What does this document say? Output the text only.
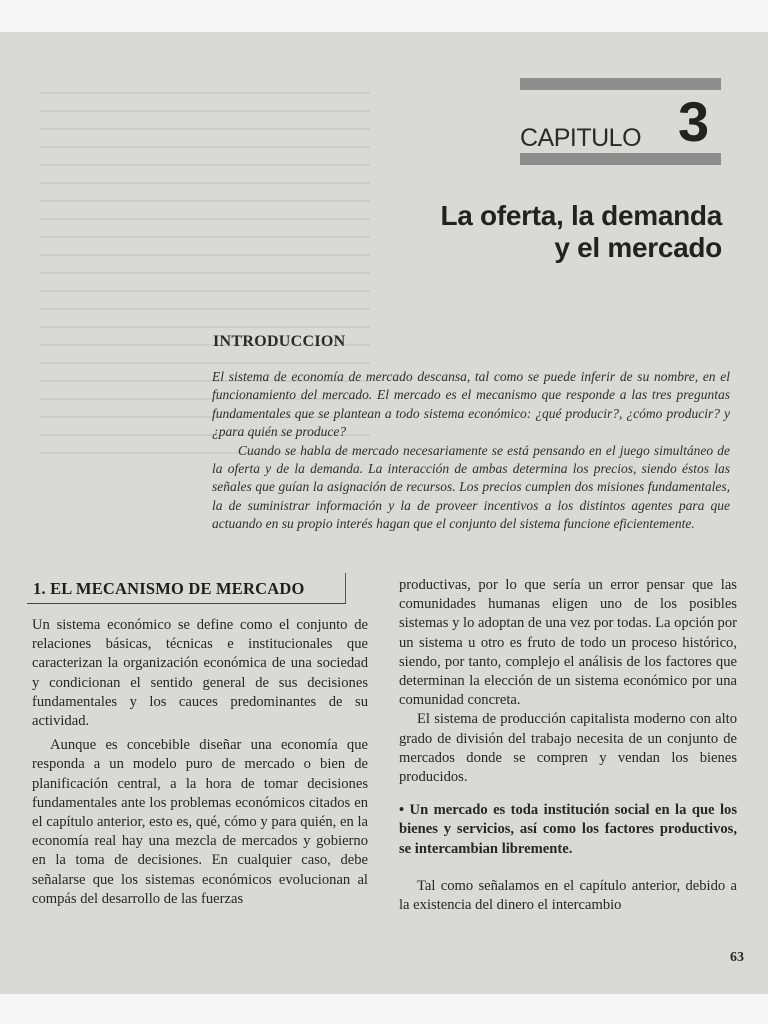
CAPITULO 3
La oferta, la demanda
y el mercado
INTRODUCCION

El sistema de economía de mercado descansa, tal como se puede inferir de su nombre, en el funcionamiento del mercado. El mercado es el mecanismo que responde a las tres preguntas fundamentales que se plantean a todo sistema económico: ¿qué producir?, ¿cómo producir? y ¿para quién se produce?

Cuando se habla de mercado necesariamente se está pensando en el juego simultáneo de la oferta y de la demanda. La interacción de ambas determina los precios, siendo éstos las señales que guían la asignación de recursos. Los precios cumplen dos misiones fundamentales, la de suministrar información y la de proveer incentivos a los distintos agentes para que actuando en su propio interés hagan que el conjunto del sistema funcione eficientemente.

1. EL MECANISMO DE MERCADO

Un sistema económico se define como el conjunto de relaciones básicas, técnicas e institucionales que caracterizan la organización económica de una sociedad y condicionan el sentido general de sus decisiones fundamentales y los cauces predominantes de su actividad.

Aunque es concebible diseñar una economía que responda a un modelo puro de mercado o bien de planificación central, a la hora de tomar decisiones fundamentales ante los problemas económicos citados en el capítulo anterior, esto es, qué, cómo y para quién, en la economía real hay una mezcla de mercados y gobierno en la toma de decisiones. En cualquier caso, debe señalarse que los sistemas económicos evolucionan al compás del desarrollo de las fuerzas

productivas, por lo que sería un error pensar que las comunidades humanas eligen uno de los posibles sistemas y lo adoptan de una vez por todas. La opción por un sistema u otro es fruto de todo un proceso histórico, siendo, por tanto, complejo el análisis de los factores que determinan la elección de un sistema económico por una comunidad concreta.

El sistema de producción capitalista moderno con alto grado de división del trabajo necesita de un conjunto de mercados donde se compren y vendan los bienes producidos.

• Un mercado es toda institución social en la que los bienes y servicios, así como los factores productivos, se intercambian libremente.

Tal como señalamos en el capítulo anterior, debido a la existencia del dinero el intercambio

63
